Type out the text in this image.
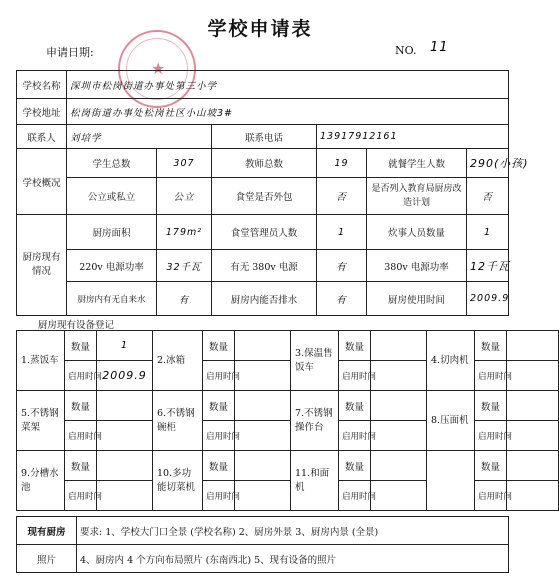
学校申请表
申请日期:
★
NO. 11
学校名称	深圳市松岗街道办事处第三小学					
学校地址	松岗街道办事处松岗社区小山坡3#					
联系人	刘培学		联系电话	13917912161		
学校概况	学生总数	307	教师总数	19	就餐学生人数	290(小孩)
	公立或私立	公立	食堂是否外包	否	是否列入教育局厨房改造计划	否
厨房现有情况	厨房面积	179m²	食堂管理员人数	1	炊事人员数量	1
	220v 电源功率	32千瓦	有无 380v 电源	有	380v 电源功率	12千瓦
	厨房内有无自来水	有	厨房内能否排水	有	厨房使用时间	2009.9
厨房现有设备登记
1.蒸饭车	数量	1	2.冰箱	数量		3.保温售饭车	数量		4.切肉机	数量	
	启用时间	2009.9		启用时间			启用时间			启用时间	
5.不锈钢菜架	数量		6.不锈钢碗柜	数量		7.不锈钢操作台	数量		8.压面机	数量	
	启用时间			启用时间			启用时间			启用时间	
9.分槽水池	数量		10.多功能切菜机	数量		11.和面机	数量			数量	
	启用时间			启用时间			启用时间			启用时间	
现有厨房	要求: 1、学校大门口全景 (学校名称) 2、厨房外景 3、厨房内景 (全景)
照片	4、厨房内 4 个方向布局照片 (东南西北) 5、现有设备的照片
